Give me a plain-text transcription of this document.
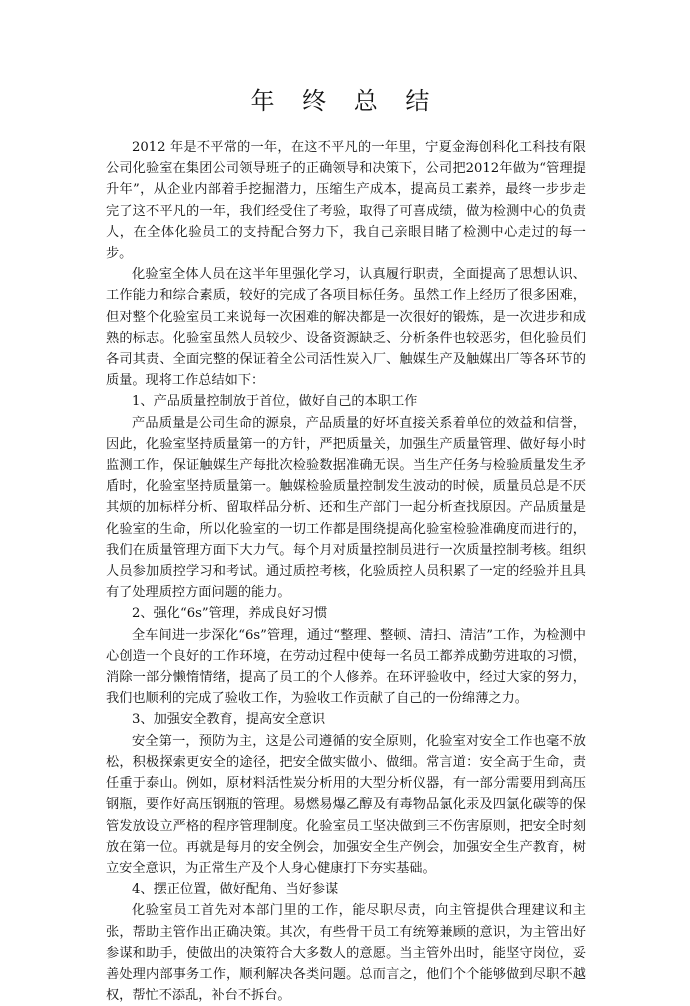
年 终 总 结

2012 年是不平常的一年，在这不平凡的一年里，宁夏金海创科化工科技有限公司化验室在集团公司领导班子的正确领导和决策下，公司把2012年做为“管理提升年”，从企业内部着手挖掘潜力，压缩生产成本，提高员工素养，最终一步步走完了这不平凡的一年，我们经受住了考验，取得了可喜成绩，做为检测中心的负责人，在全体化验员工的支持配合努力下，我自己亲眼目睹了检测中心走过的每一步。

化验室全体人员在这半年里强化学习，认真履行职责，全面提高了思想认识、工作能力和综合素质，较好的完成了各项目标任务。虽然工作上经历了很多困难，但对整个化验室员工来说每一次困难的解决都是一次很好的锻炼，是一次进步和成熟的标志。化验室虽然人员较少、设备资源缺乏、分析条件也较恶劣，但化验员们各司其责、全面完整的保证着全公司活性炭入厂、触媒生产及触媒出厂等各环节的质量。现将工作总结如下：

1、产品质量控制放于首位，做好自己的本职工作

产品质量是公司生命的源泉，产品质量的好坏直接关系着单位的效益和信誉，因此，化验室坚持质量第一的方针，严把质量关，加强生产质量管理、做好每小时监测工作，保证触媒生产每批次检验数据准确无误。当生产任务与检验质量发生矛盾时，化验室坚持质量第一。触媒检验质量控制发生波动的时候，质量员总是不厌其烦的加标样分析、留取样品分析、还和生产部门一起分析查找原因。产品质量是化验室的生命，所以化验室的一切工作都是围绕提高化验室检验准确度而进行的，我们在质量管理方面下大力气。每个月对质量控制员进行一次质量控制考核。组织人员参加质控学习和考试。通过质控考核，化验质控人员积累了一定的经验并且具有了处理质控方面问题的能力。

2、强化“6s”管理，养成良好习惯

全车间进一步深化“6s”管理，通过“整理、整顿、清扫、清洁”工作，为检测中心创造一个良好的工作环境，在劳动过程中使每一名员工都养成勤劳进取的习惯，消除一部分懒惰情绪，提高了员工的个人修养。在环评验收中，经过大家的努力，我们也顺利的完成了验收工作，为验收工作贡献了自己的一份绵薄之力。

3、加强安全教育，提高安全意识

安全第一，预防为主，这是公司遵循的安全原则，化验室对安全工作也毫不放松，积极探索更安全的途径，把安全做实做小、做细。常言道：安全高于生命，责任重于泰山。例如，原材料活性炭分析用的大型分析仪器，有一部分需要用到高压钢瓶，要作好高压钢瓶的管理。易燃易爆乙醇及有毒物品氯化汞及四氯化碳等的保管发放设立严格的程序管理制度。化验室员工坚决做到三不伤害原则，把安全时刻放在第一位。再就是每月的安全例会，加强安全生产例会，加强安全生产教育，树立安全意识，为正常生产及个人身心健康打下夯实基础。

4、摆正位置，做好配角、当好参谋

化验室员工首先对本部门里的工作，能尽职尽责，向主管提供合理建议和主张，帮助主管作出正确决策。其次，有些骨干员工有统筹兼顾的意识，为主管出好参谋和助手，使做出的决策符合大多数人的意愿。当主管外出时，能坚守岗位，妥善处理内部事务工作，顺利解决各类问题。总而言之，他们个个能够做到尽职不越权，帮忙不添乱，补台不拆台。
